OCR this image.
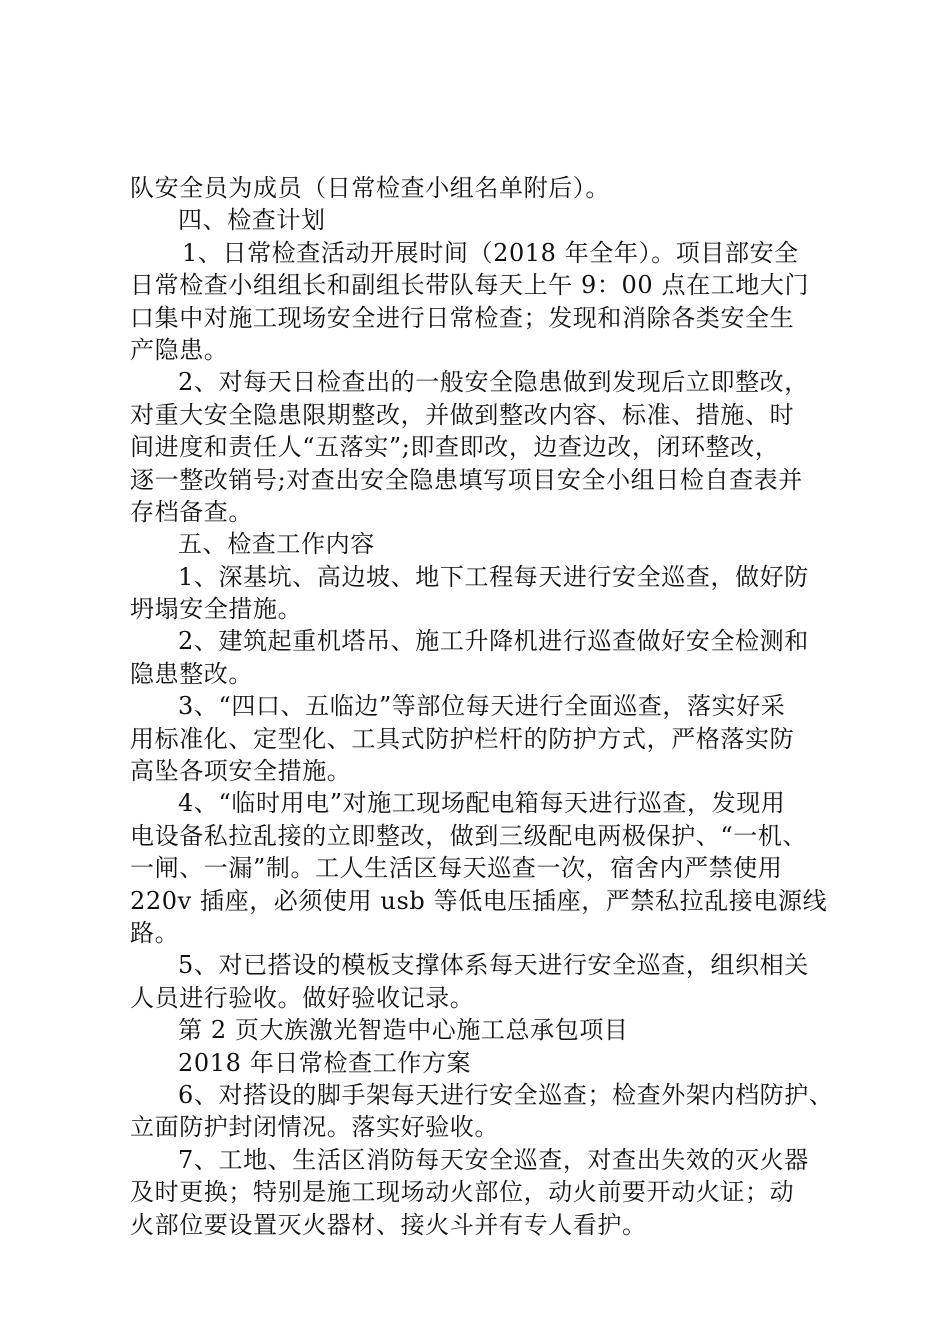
队安全员为成员（日常检查小组名单附后）。
四、检查计划
1、日常检查活动开展时间（2018 年全年）。项目部安全
日常检查小组组长和副组长带队每天上午 9：00 点在工地大门
口集中对施工现场安全进行日常检查；发现和消除各类安全生
产隐患。
2、对每天日检查出的一般安全隐患做到发现后立即整改，
对重大安全隐患限期整改，并做到整改内容、标准、措施、时
间进度和责任人“五落实”;即查即改，边查边改，闭环整改，
逐一整改销号;对查出安全隐患填写项目安全小组日检自查表并
存档备查。
五、检查工作内容
1、深基坑、高边坡、地下工程每天进行安全巡查，做好防
坍塌安全措施。
2、建筑起重机塔吊、施工升降机进行巡查做好安全检测和
隐患整改。
3、“四口、五临边”等部位每天进行全面巡查，落实好采
用标准化、定型化、工具式防护栏杆的防护方式，严格落实防
高坠各项安全措施。
4、“临时用电”对施工现场配电箱每天进行巡查，发现用
电设备私拉乱接的立即整改，做到三级配电两极保护、“一机、
一闸、一漏”制。工人生活区每天巡查一次，宿舍内严禁使用
220v 插座，必须使用 usb 等低电压插座，严禁私拉乱接电源线
路。
5、对已搭设的模板支撑体系每天进行安全巡查，组织相关
人员进行验收。做好验收记录。
第 2 页大族激光智造中心施工总承包项目
2018 年日常检查工作方案
6、对搭设的脚手架每天进行安全巡查；检查外架内档防护、
立面防护封闭情况。落实好验收。
7、工地、生活区消防每天安全巡查，对查出失效的灭火器
及时更换；特别是施工现场动火部位，动火前要开动火证；动
火部位要设置灭火器材、接火斗并有专人看护。
